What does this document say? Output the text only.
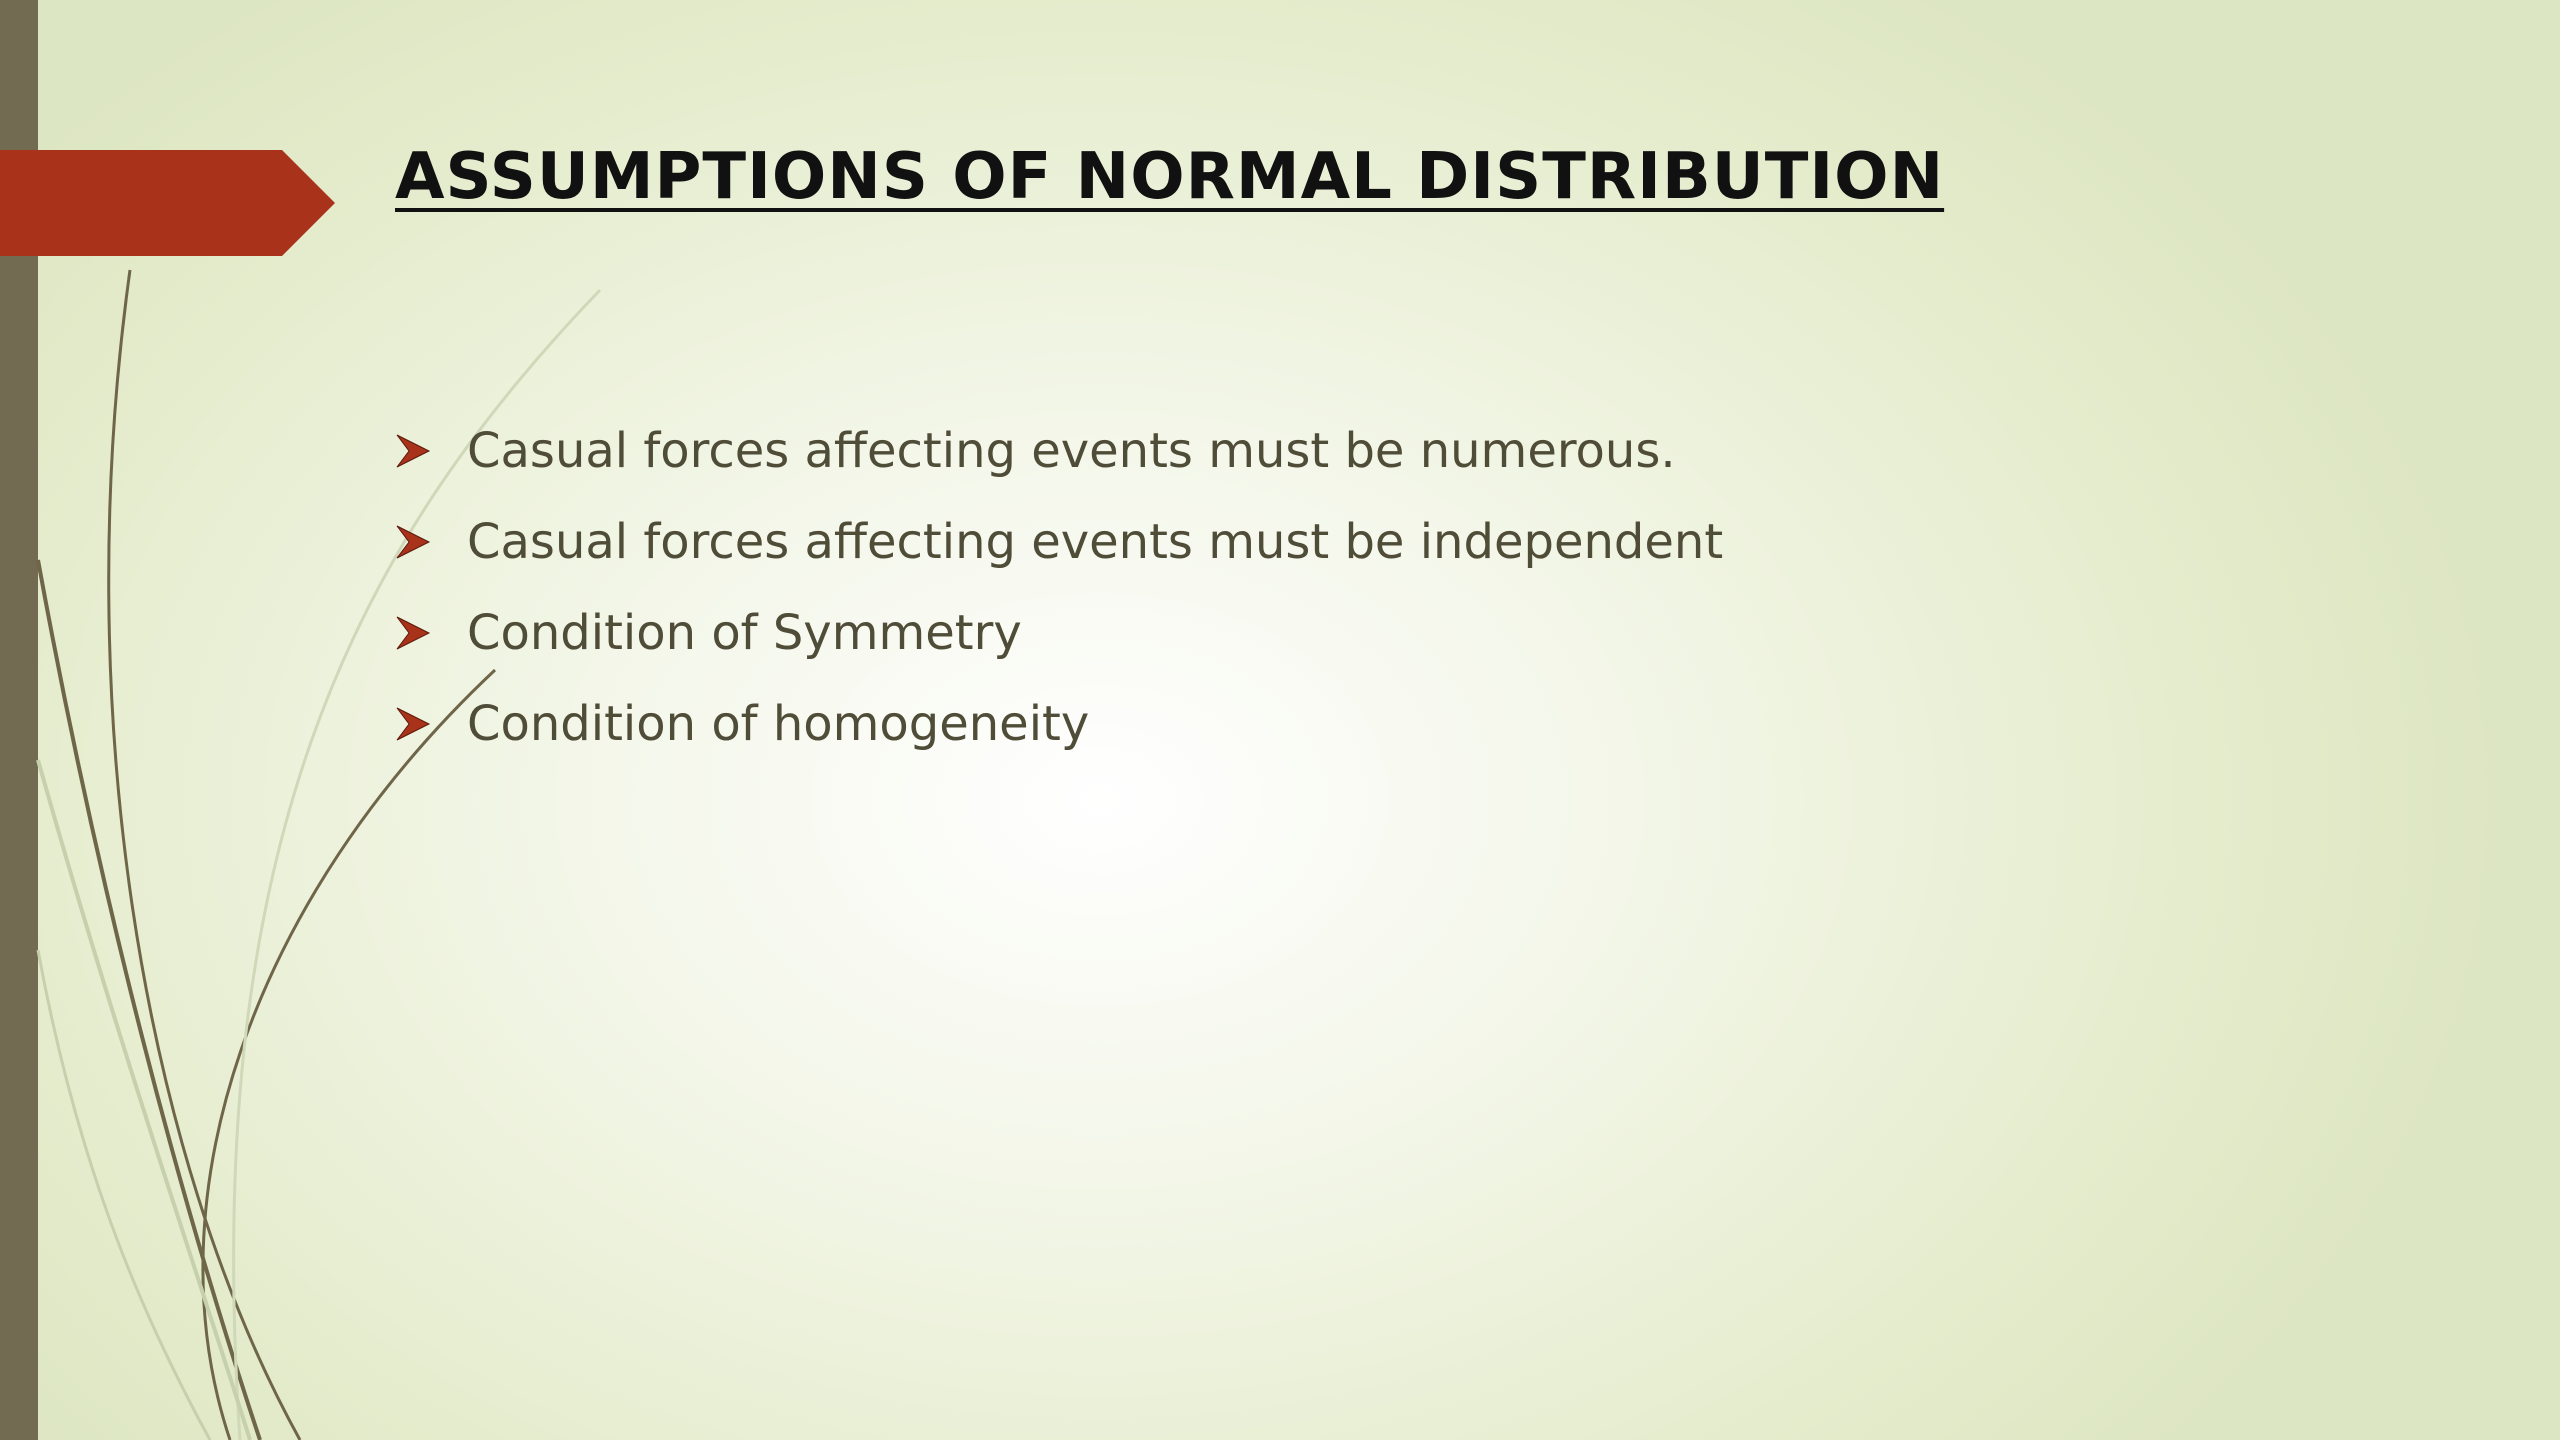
ASSUMPTIONS OF NORMAL DISTRIBUTION
Casual forces affecting events must be numerous.
Casual forces affecting events must be independent
Condition of Symmetry
Condition of homogeneity
